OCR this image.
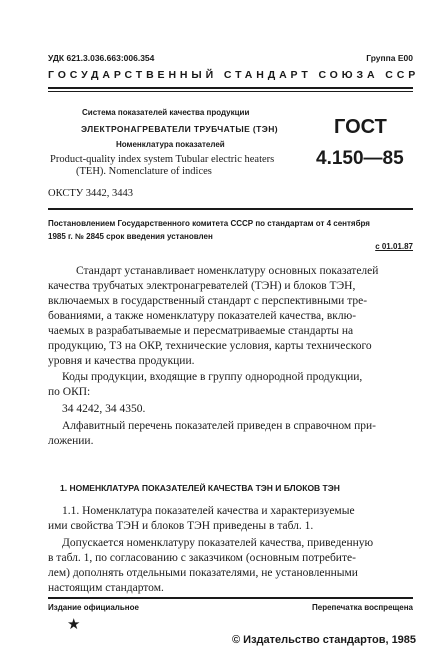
УДК 621.3.036.663:006.354	Группа Е00
ГОСУДАРСТВЕННЫЙ СТАНДАРТ СОЮЗА ССР
Система показателей качества продукции
ЭЛЕКТРОНАГРЕВАТЕЛИ ТРУБЧАТЫЕ (ТЭН)
Номенклатура показателей
Product-quality index system Tubular electric heaters
(ТЕН). Nomenclature of indices
ГОСТ
4.150—85
ОКСТУ 3442, 3443
Постановлением Государственного комитета СССР по стандартам от 4 сентября
1985 г. № 2845 срок введения установлен
с 01.01.87
Стандарт устанавливает номенклатуру основных показателей
качества трубчатых электронагревателей (ТЭН) и блоков ТЭН,
включаемых в государственный стандарт с перспективными тре-
бованиями, а также номенклатуру показателей качества, вклю-
чаемых в разрабатываемые и пересматриваемые стандарты на
продукцию, ТЗ на ОКР, технические условия, карты технического
уровня и качества продукции.
Коды продукции, входящие в группу однородной продукции,
по ОКП:
34 4242, 34 4350.
Алфавитный перечень показателей приведен в справочном при-
ложении.
1. НОМЕНКЛАТУРА ПОКАЗАТЕЛЕЙ КАЧЕСТВА ТЭН И БЛОКОВ ТЭН
1.1. Номенклатура показателей качества и характеризуемые
ими свойства ТЭН и блоков ТЭН приведены в табл. 1.
Допускается номенклатуру показателей качества, приведенную
в табл. 1, по согласованию с заказчиком (основным потребите-
лем) дополнять отдельными показателями, не установленными
настоящим стандартом.
Издание официальное	Перепечатка воспрещена
★
© Издательство стандартов, 1985
